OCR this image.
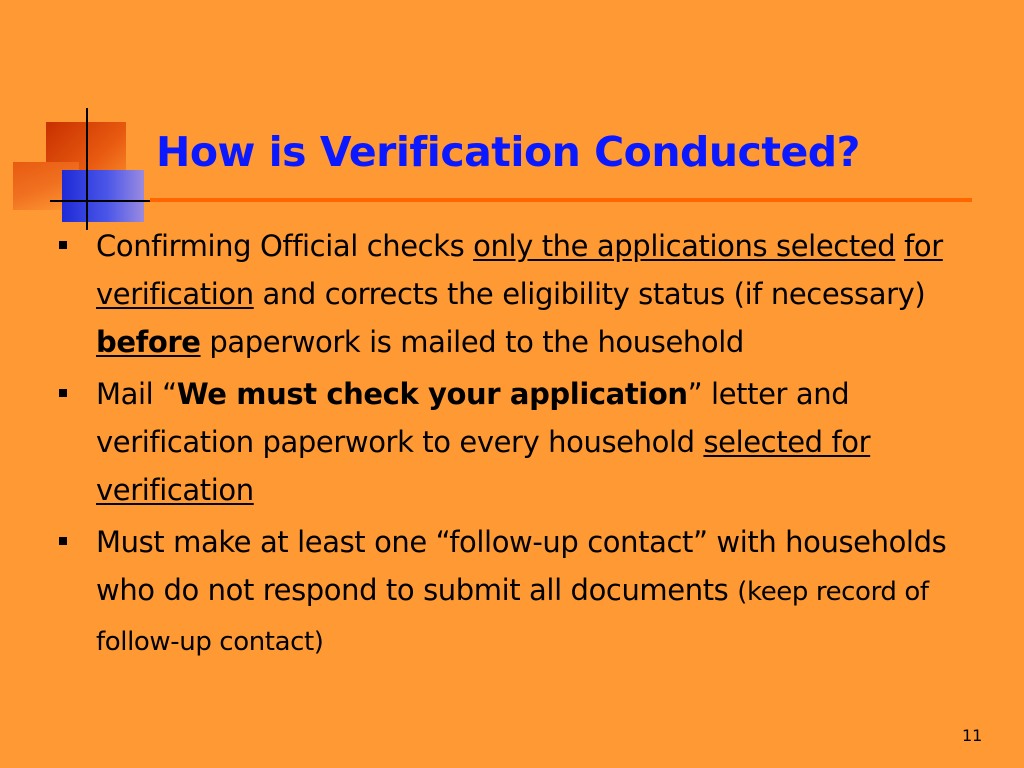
How is Verification Conducted?
Confirming Official checks only the applications selected for verification and corrects the eligibility status (if necessary) before paperwork is mailed to the household
Mail “We must check your application” letter and verification paperwork to every household selected for verification
Must make at least one “follow-up contact” with households who do not respond to submit all documents (keep record of follow-up contact)
11
